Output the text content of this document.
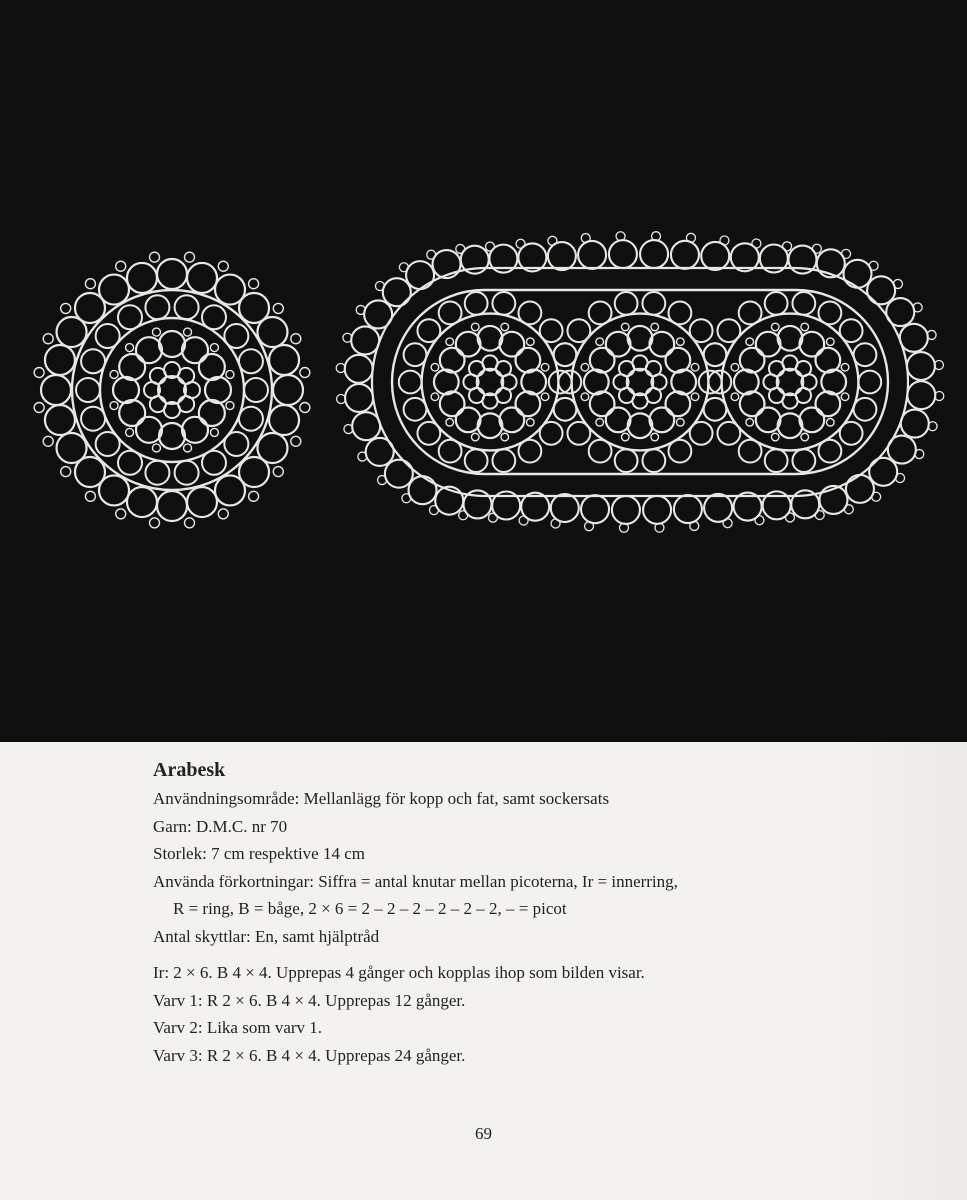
Arabesk
Användningsområde: Mellanlägg för kopp och fat, samt sockersats
Garn: D.M.C. nr 70
Storlek: 7 cm respektive 14 cm
Använda förkortningar: Siffra = antal knutar mellan picoterna, Ir = innerring,
R = ring, B = båge, 2 × 6 = 2 – 2 – 2 – 2 – 2 – 2, – = picot
Antal skyttlar: En, samt hjälptråd
Ir: 2 × 6. B 4 × 4. Upprepas 4 gånger och kopplas ihop som bilden visar.
Varv 1: R 2 × 6. B 4 × 4. Upprepas 12 gånger.
Varv 2: Lika som varv 1.
Varv 3: R 2 × 6. B 4 × 4. Upprepas 24 gånger.
69
